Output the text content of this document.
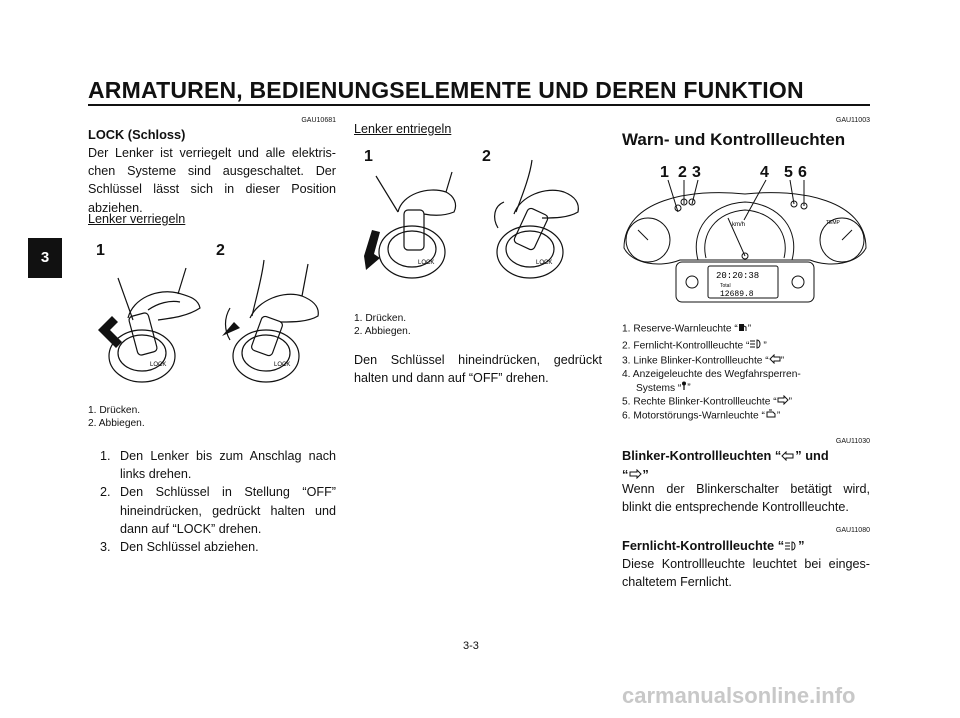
ARMATUREN, BEDIENUNGSELEMENTE UND DEREN FUNKTION
3
GAU10681
LOCK (Schloss)
Der Lenker ist verriegelt und alle elektris-
chen Systeme sind ausgeschaltet. Der
Schlüssel lässt sich in dieser Position
abziehen.
Lenker verriegeln
1	2
LOCK	LOCK
1. Drücken.
2. Abbiegen.
1. Den Lenker bis zum Anschlag nach
links drehen.
2. Den Schlüssel in Stellung “OFF”
hineindrücken, gedrückt halten und
dann auf “LOCK” drehen.
3. Den Schlüssel abziehen.
Lenker entriegeln
1	2
LOCK	LOCK
1. Drücken.
2. Abbiegen.
Den Schlüssel hineindrücken, gedrückt
halten und dann auf “OFF” drehen.
GAU11003
Warn- und Kontrollleuchten
1 2 3	4 5 6
km/h
20:20:38
Total
12689.8
TEMP
1. Reserve-Warnleuchte “ ”
2. Fernlicht-Kontrollleuchte “ ”
3. Linke Blinker-Kontrollleuchte “ ”
4. Anzeigeleuchte des Wegfahrsperren-
Systems “ ”
5. Rechte Blinker-Kontrollleuchte “ ”
6. Motorstörungs-Warnleuchte “ ”
GAU11030
Blinker-Kontrollleuchten “ ” und
“ ”
Wenn der Blinkerschalter betätigt wird,
blinkt die entsprechende Kontrollleuchte.
GAU11080
Fernlicht-Kontrollleuchte “ ”
Diese Kontrollleuchte leuchtet bei einges-
chaltetem Fernlicht.
3-3
carmanualsonline.info
